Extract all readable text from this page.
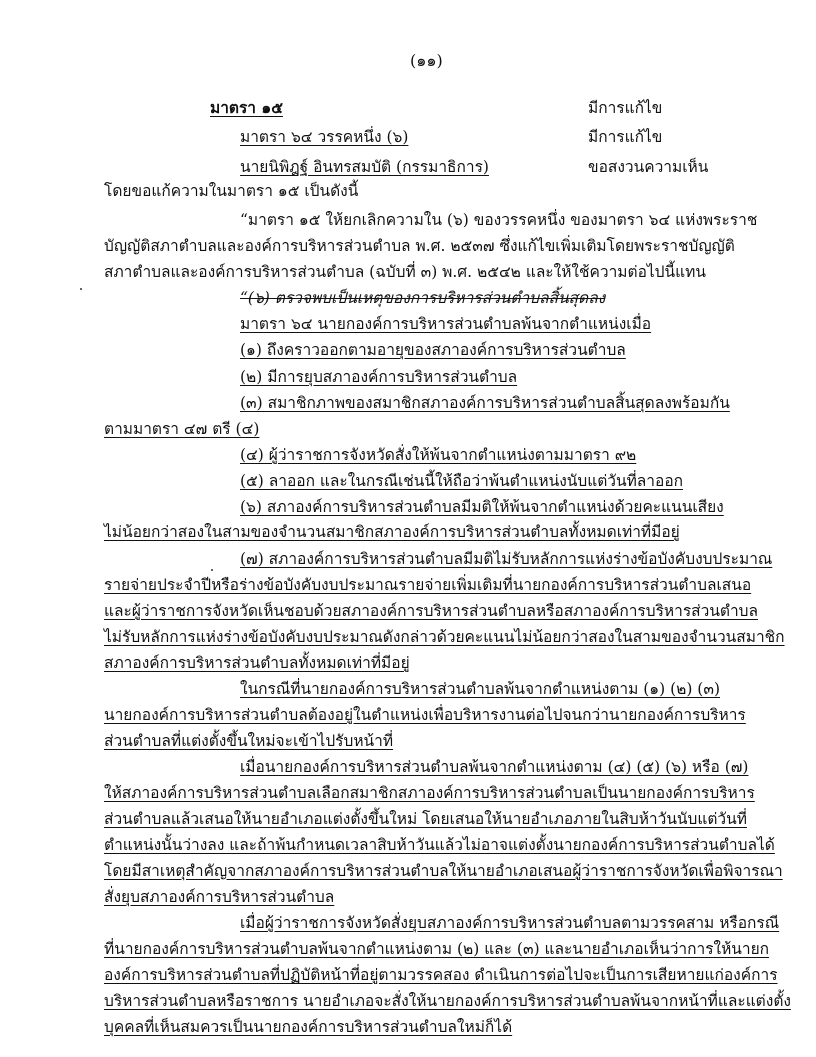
(๑๑)
มาตรา ๑๕	มีการแก้ไข
มาตรา ๖๔ วรรคหนึ่ง (๖)	มีการแก้ไข
นายนิพิฎฐ์ อินทรสมบัติ (กรรมาธิการ)	ขอสงวนความเห็น
โดยขอแก้ความในมาตรา ๑๕ เป็นดังนี้
“มาตรา ๑๕ ให้ยกเลิกความใน (๖) ของวรรคหนึ่ง ของมาตรา ๖๔ แห่งพระราช
บัญญัติสภาตำบลและองค์การบริหารส่วนตำบล พ.ศ. ๒๕๓๗ ซึ่งแก้ไขเพิ่มเติมโดยพระราชบัญญัติ
สภาตำบลและองค์การบริหารส่วนตำบล (ฉบับที่ ๓) พ.ศ. ๒๕๔๒ และให้ใช้ความต่อไปนี้แทน
“(๖) ตรวจพบเป็นเหตุของการบริหารส่วนตำบลสิ้นสุดลง
มาตรา ๖๔ นายกองค์การบริหารส่วนตำบลพ้นจากตำแหน่งเมื่อ
(๑) ถึงคราวออกตามอายุของสภาองค์การบริหารส่วนตำบล
(๒) มีการยุบสภาองค์การบริหารส่วนตำบล
(๓) สมาชิกภาพของสมาชิกสภาองค์การบริหารส่วนตำบลสิ้นสุดลงพร้อมกัน
ตามมาตรา ๔๗ ตรี (๔)
(๔) ผู้ว่าราชการจังหวัดสั่งให้พ้นจากตำแหน่งตามมาตรา ๙๒
(๕) ลาออก และในกรณีเช่นนี้ให้ถือว่าพ้นตำแหน่งนับแต่วันที่ลาออก
(๖) สภาองค์การบริหารส่วนตำบลมีมติให้พ้นจากตำแหน่งด้วยคะแนนเสียง
ไม่น้อยกว่าสองในสามของจำนวนสมาชิกสภาองค์การบริหารส่วนตำบลทั้งหมดเท่าที่มีอยู่
(๗) สภาองค์การบริหารส่วนตำบลมีมติไม่รับหลักการแห่งร่างข้อบังคับงบประมาณ
รายจ่ายประจำปีหรือร่างข้อบังคับงบประมาณรายจ่ายเพิ่มเติมที่นายกองค์การบริหารส่วนตำบลเสนอ
และผู้ว่าราชการจังหวัดเห็นชอบด้วยสภาองค์การบริหารส่วนตำบลหรือสภาองค์การบริหารส่วนตำบล
ไม่รับหลักการแห่งร่างข้อบังคับงบประมาณดังกล่าวด้วยคะแนนไม่น้อยกว่าสองในสามของจำนวนสมาชิก
สภาองค์การบริหารส่วนตำบลทั้งหมดเท่าที่มีอยู่
ในกรณีที่นายกองค์การบริหารส่วนตำบลพ้นจากตำแหน่งตาม (๑) (๒) (๓)
นายกองค์การบริหารส่วนตำบลต้องอยู่ในตำแหน่งเพื่อบริหารงานต่อไปจนกว่านายกองค์การบริหาร
ส่วนตำบลที่แต่งตั้งขึ้นใหม่จะเข้าไปรับหน้าที่
เมื่อนายกองค์การบริหารส่วนตำบลพ้นจากตำแหน่งตาม (๔) (๕) (๖) หรือ (๗)
ให้สภาองค์การบริหารส่วนตำบลเลือกสมาชิกสภาองค์การบริหารส่วนตำบลเป็นนายกองค์การบริหาร
ส่วนตำบลแล้วเสนอให้นายอำเภอแต่งตั้งขึ้นใหม่ โดยเสนอให้นายอำเภอภายในสิบห้าวันนับแต่วันที่
ตำแหน่งนั้นว่างลง และถ้าพ้นกำหนดเวลาสิบห้าวันแล้วไม่อาจแต่งตั้งนายกองค์การบริหารส่วนตำบลได้
โดยมีสาเหตุสำคัญจากสภาองค์การบริหารส่วนตำบลให้นายอำเภอเสนอผู้ว่าราชการจังหวัดเพื่อพิจารณา
สั่งยุบสภาองค์การบริหารส่วนตำบล
เมื่อผู้ว่าราชการจังหวัดสั่งยุบสภาองค์การบริหารส่วนตำบลตามวรรคสาม หรือกรณี
ที่นายกองค์การบริหารส่วนตำบลพ้นจากตำแหน่งตาม (๒) และ (๓) และนายอำเภอเห็นว่าการให้นายก
องค์การบริหารส่วนตำบลที่ปฏิบัติหน้าที่อยู่ตามวรรคสอง ดำเนินการต่อไปจะเป็นการเสียหายแก่องค์การ
บริหารส่วนตำบลหรือราชการ นายอำเภอจะสั่งให้นายกองค์การบริหารส่วนตำบลพ้นจากหน้าที่และแต่งตั้ง
บุคคลที่เห็นสมควรเป็นนายกองค์การบริหารส่วนตำบลใหม่ก็ได้
